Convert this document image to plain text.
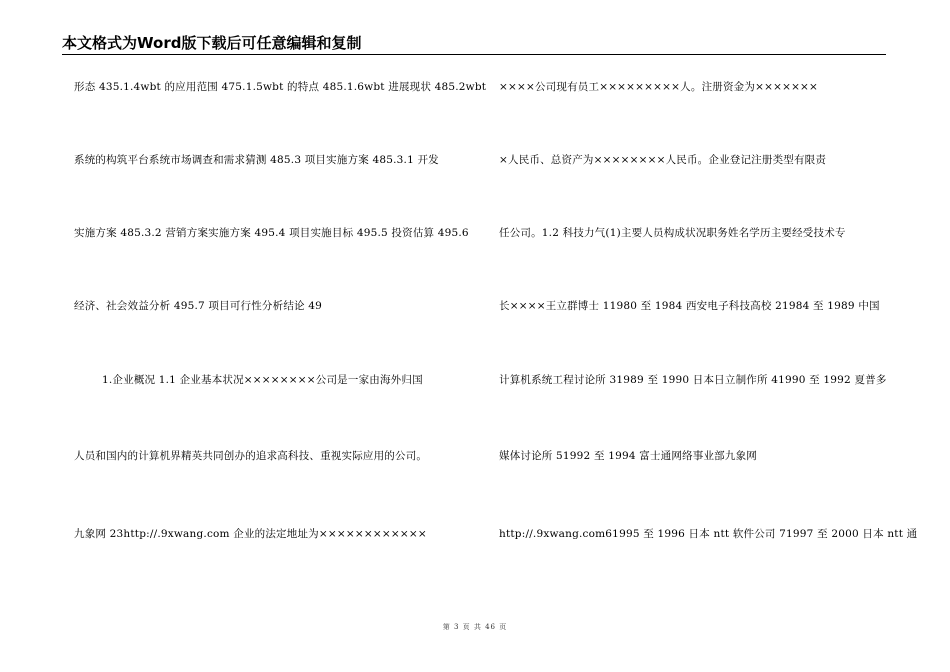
本文格式为Word版下载后可任意编辑和复制
形态 435.1.4wbt 的应用范围 475.1.5wbt 的特点 485.1.6wbt 进展现状 485.2wbt
系统的构筑平台系统市场调查和需求猜测 485.3 项目实施方案 485.3.1 开发
实施方案 485.3.2 营销方案实施方案 495.4 项目实施目标 495.5 投资估算 495.6
经济、社会效益分析 495.7 项目可行性分析结论 49
1.企业概况 1.1 企业基本状况××××××××公司是一家由海外归国
人员和国内的计算机界精英共同创办的追求高科技、重视实际应用的公司。
九象网 23http://.9xwang.com 企业的法定地址为××××××××××××
××××公司现有员工×××××××××人。注册资金为×××××××
×人民币、总资产为××××××××人民币。企业登记注册类型有限责
任公司。1.2 科技力气(1)主要人员构成状况职务姓名学历主要经受技术专
长××××王立群博士 11980 至 1984 西安电子科技高校 21984 至 1989 中国
计算机系统工程讨论所 31989 至 1990 日本日立制作所 41990 至 1992 夏普多
媒体讨论所 51992 至 1994 富士通网络事业部九象网
http://.9xwang.com61995 至 1996 日本 ntt 软件公司 71997 至 2000 日本 ntt 通
第 3 页 共 46 页
